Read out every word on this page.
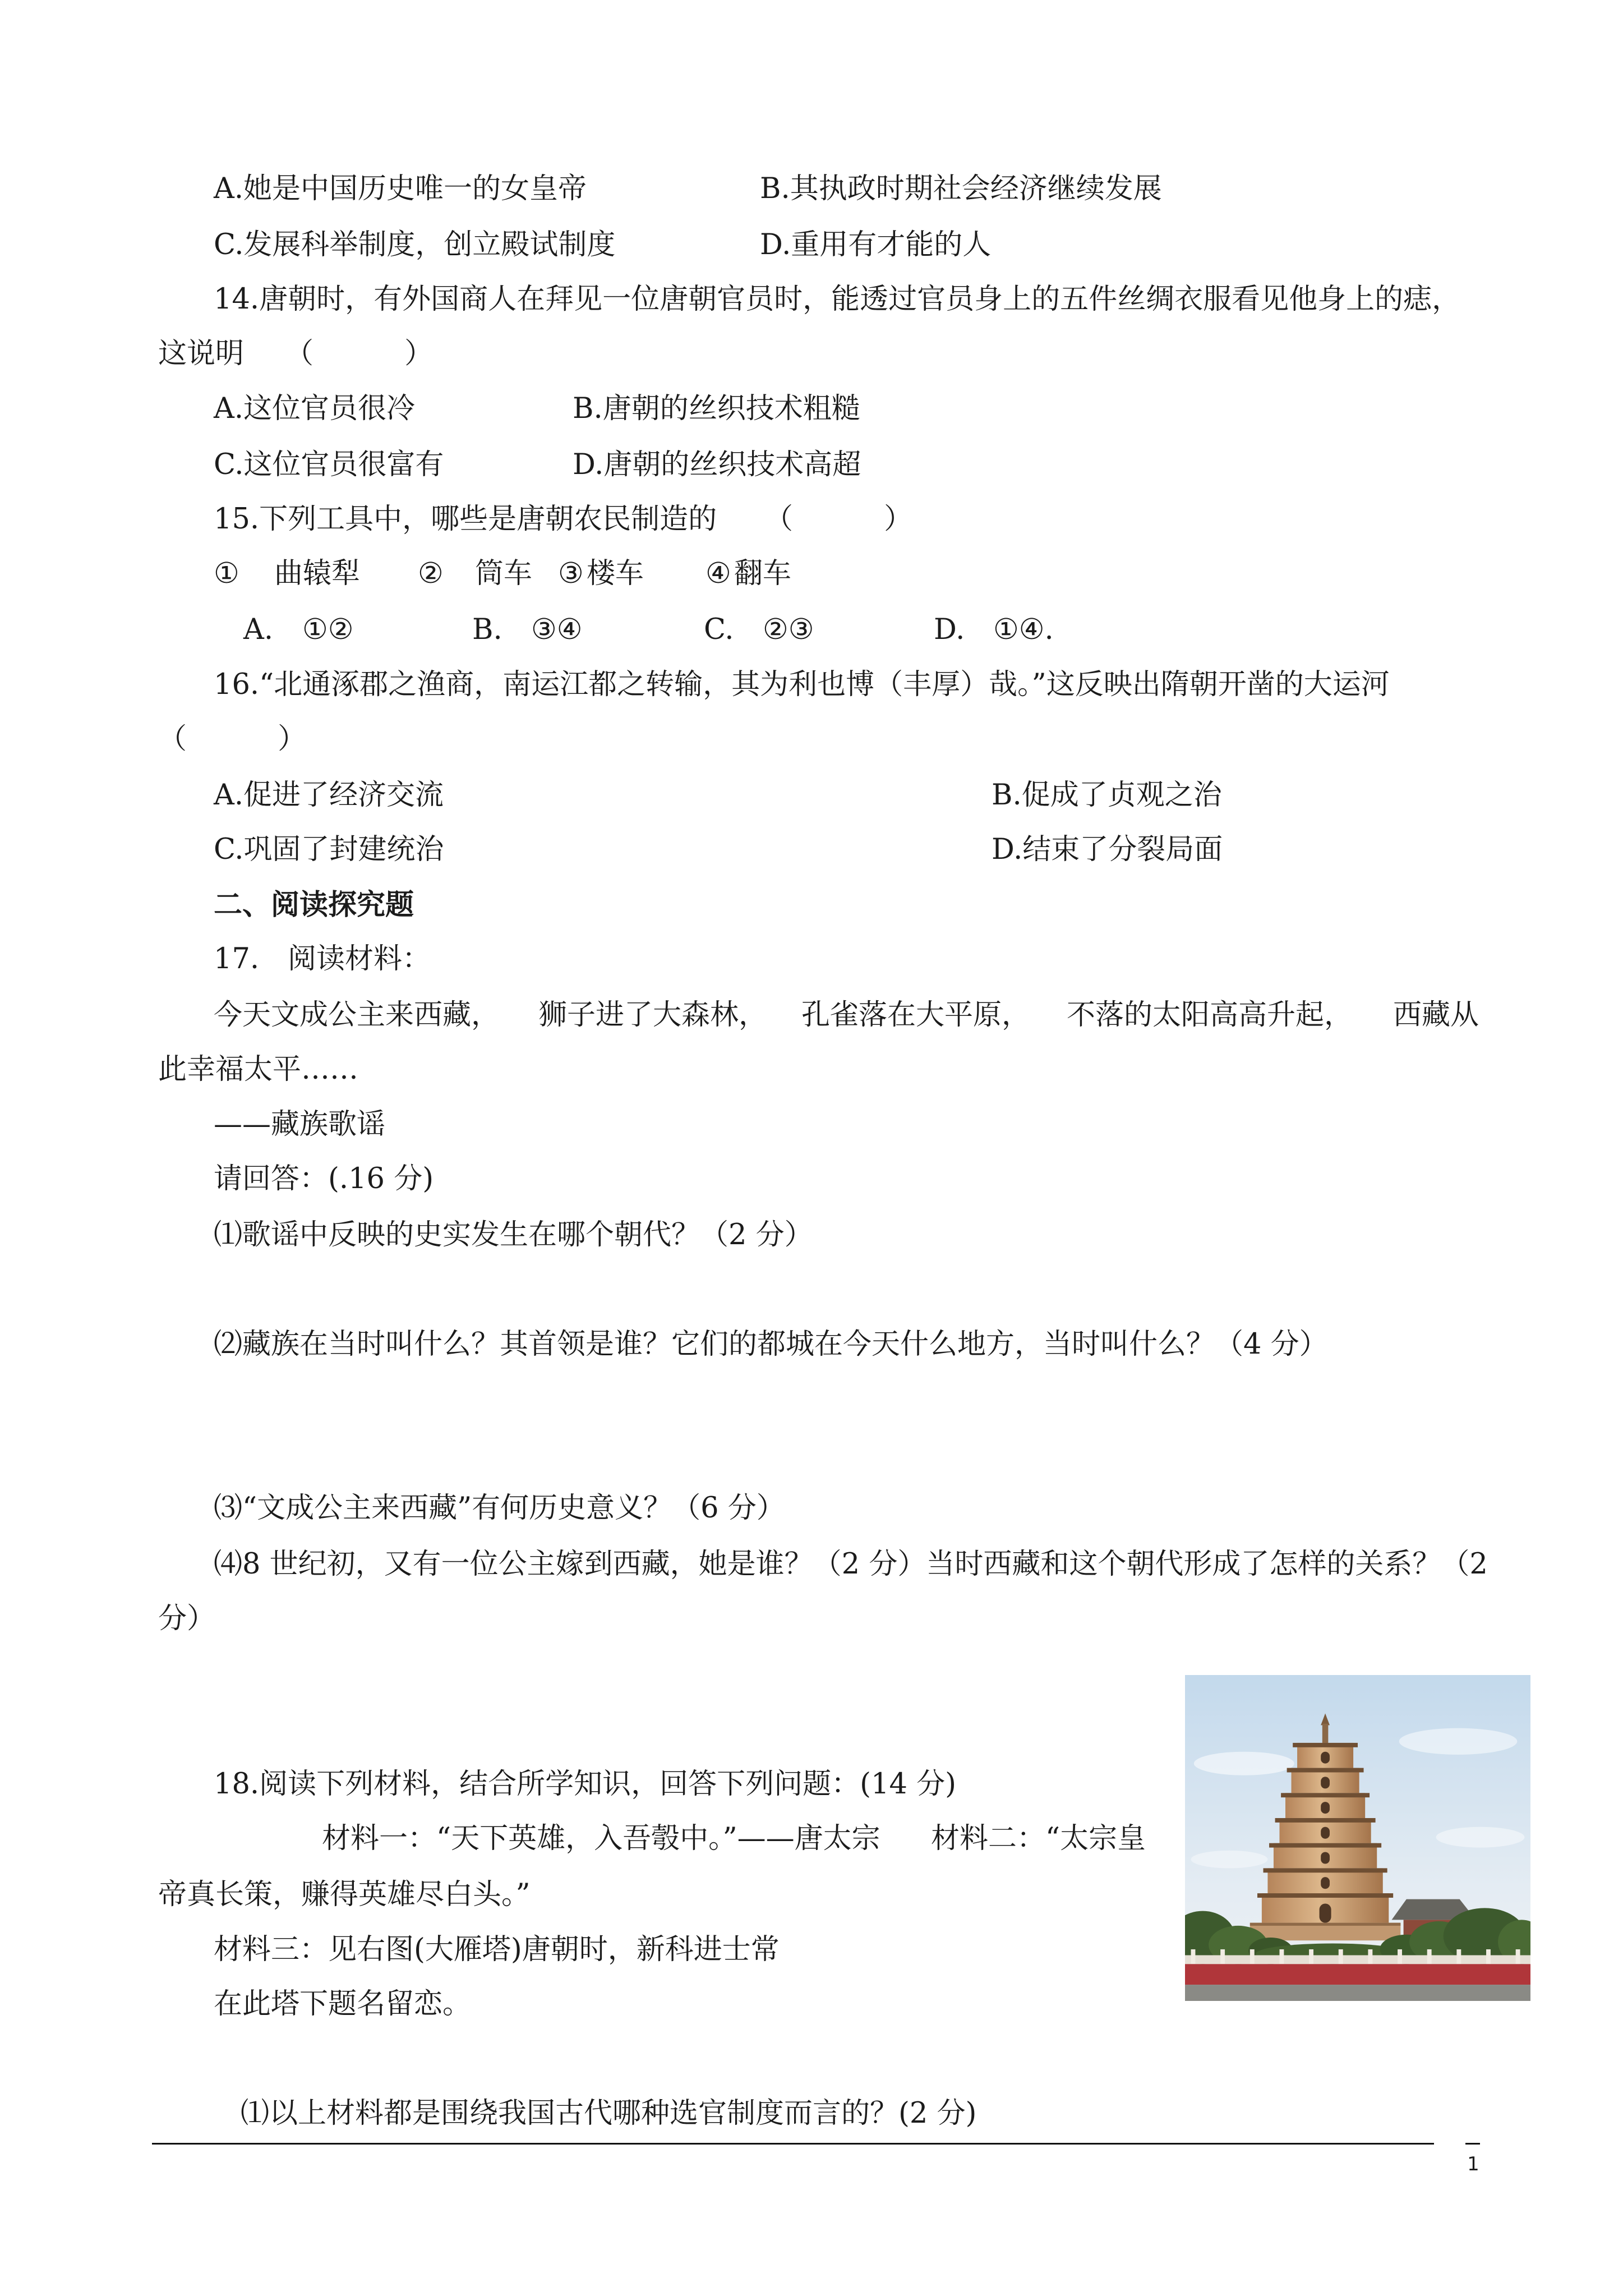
A.她是中国历史唯一的女皇帝	B.其执政时期社会经济继续发展
C.发展科举制度，创立殿试制度	D.重用有才能的人
14.唐朝时，有外国商人在拜见一位唐朝官员时，能透过官员身上的五件丝绸衣服看见他身上的痣，
这说明 （          ）
A.这位官员很冷	B.唐朝的丝织技术粗糙
C.这位官员很富有	D.唐朝的丝织技术高超
15.下列工具中，哪些是唐朝农民制造的 （          ）
① 曲辕犁 ② 筒车 ③ 楼车 ④ 翻车
A. ①②	B. ③④	C. ②③	D. ①④.
16.“北通涿郡之渔商，南运江都之转输，其为利也博（丰厚）哉。”这反映出隋朝开凿的大运河
（          ）
A.促进了经济交流	B.促成了贞观之治
C.巩固了封建统治	D.结束了分裂局面
二、阅读探究题
17. 阅读材料：
今天文成公主来西藏， 狮子进了大森林， 孔雀落在大平原， 不落的太阳高高升起， 西藏从
此幸福太平……
——藏族歌谣
请回答：(.16 分)
⑴歌谣中反映的史实发生在哪个朝代？（2 分）
⑵藏族在当时叫什么？其首领是谁？它们的都城在今天什么地方，当时叫什么？（4 分）
⑶“文成公主来西藏”有何历史意义？（6 分）
⑷8 世纪初，又有一位公主嫁到西藏，她是谁？（2 分）当时西藏和这个朝代形成了怎样的关系？（2
分）
18.阅读下列材料，结合所学知识，回答下列问题：(14 分)
材料一：“天下英雄，入吾彀中。”——唐太宗 材料二：“太宗皇
帝真长策，赚得英雄尽白头。”
材料三：见右图(大雁塔)唐朝时，新科进士常
在此塔下题名留恋。
⑴以上材料都是围绕我国古代哪种选官制度而言的？(2 分)
1
